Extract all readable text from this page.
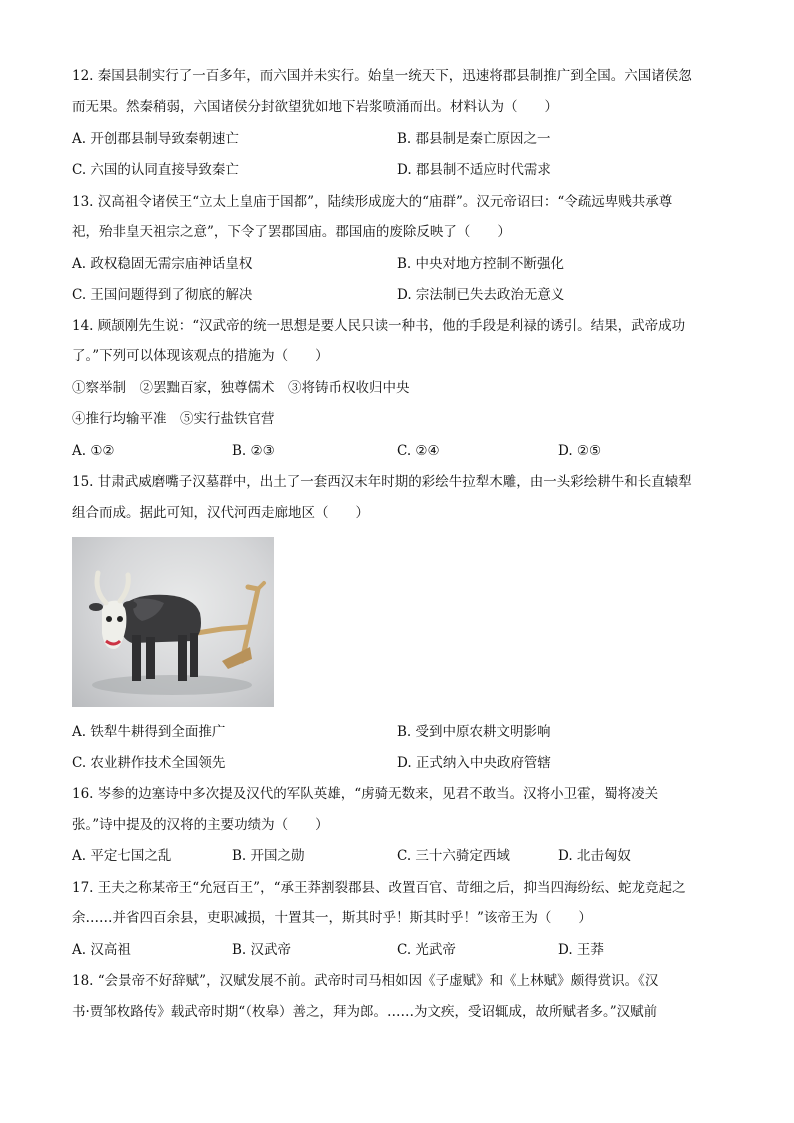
12. 秦国县制实行了一百多年，而六国并未实行。始皇一统天下，迅速将郡县制推广到全国。六国诸侯忽
而无果。然秦稍弱，六国诸侯分封欲望犹如地下岩浆喷涌而出。材料认为（　　）
A. 开创郡县制导致秦朝速亡	B. 郡县制是秦亡原因之一
C. 六国的认同直接导致秦亡	D. 郡县制不适应时代需求
13. 汉高祖令诸侯王“立太上皇庙于国都”，陆续形成庞大的“庙群”。汉元帝诏曰：“令疏远卑贱共承尊
祀，殆非皇天祖宗之意”，下令了罢郡国庙。郡国庙的废除反映了（　　）
A. 政权稳固无需宗庙神话皇权	B. 中央对地方控制不断强化
C. 王国问题得到了彻底的解决	D. 宗法制已失去政治无意义
14. 顾颉刚先生说：“汉武帝的统一思想是要人民只读一种书，他的手段是利禄的诱引。结果，武帝成功
了。”下列可以体现该观点的措施为（　　）
①察举制　②罢黜百家，独尊儒术　③将铸币权收归中央
④推行均输平准　⑤实行盐铁官营
A. ①②	B. ②③	C. ②④	D. ②⑤
15. 甘肃武威磨嘴子汉墓群中，出土了一套西汉末年时期的彩绘牛拉犁木雕，由一头彩绘耕牛和长直辕犁
组合而成。据此可知，汉代河西走廊地区（　　）
A. 铁犁牛耕得到全面推广	B. 受到中原农耕文明影响
C. 农业耕作技术全国领先	D. 正式纳入中央政府管辖
16. 岑参的边塞诗中多次提及汉代的军队英雄，“虏骑无数来，见君不敢当。汉将小卫霍，蜀将凌关
张。”诗中提及的汉将的主要功绩为（　　）
A. 平定七国之乱	B. 开国之勋	C. 三十六骑定西域	D. 北击匈奴
17. 王夫之称某帝王“允冠百王”，“承王莽割裂郡县、改置百官、苛细之后，抑当四海纷纭、蛇龙竞起之
余……并省四百余县，吏职减损，十置其一，斯其时乎！斯其时乎！”该帝王为（　　）
A. 汉高祖	B. 汉武帝	C. 光武帝	D. 王莽
18. “会景帝不好辞赋”，汉赋发展不前。武帝时司马相如因《子虚赋》和《上林赋》颇得赏识。《汉
书·贾邹枚路传》载武帝时期“（枚皋）善之，拜为郎。……为文疾，受诏辄成，故所赋者多。”汉赋前
